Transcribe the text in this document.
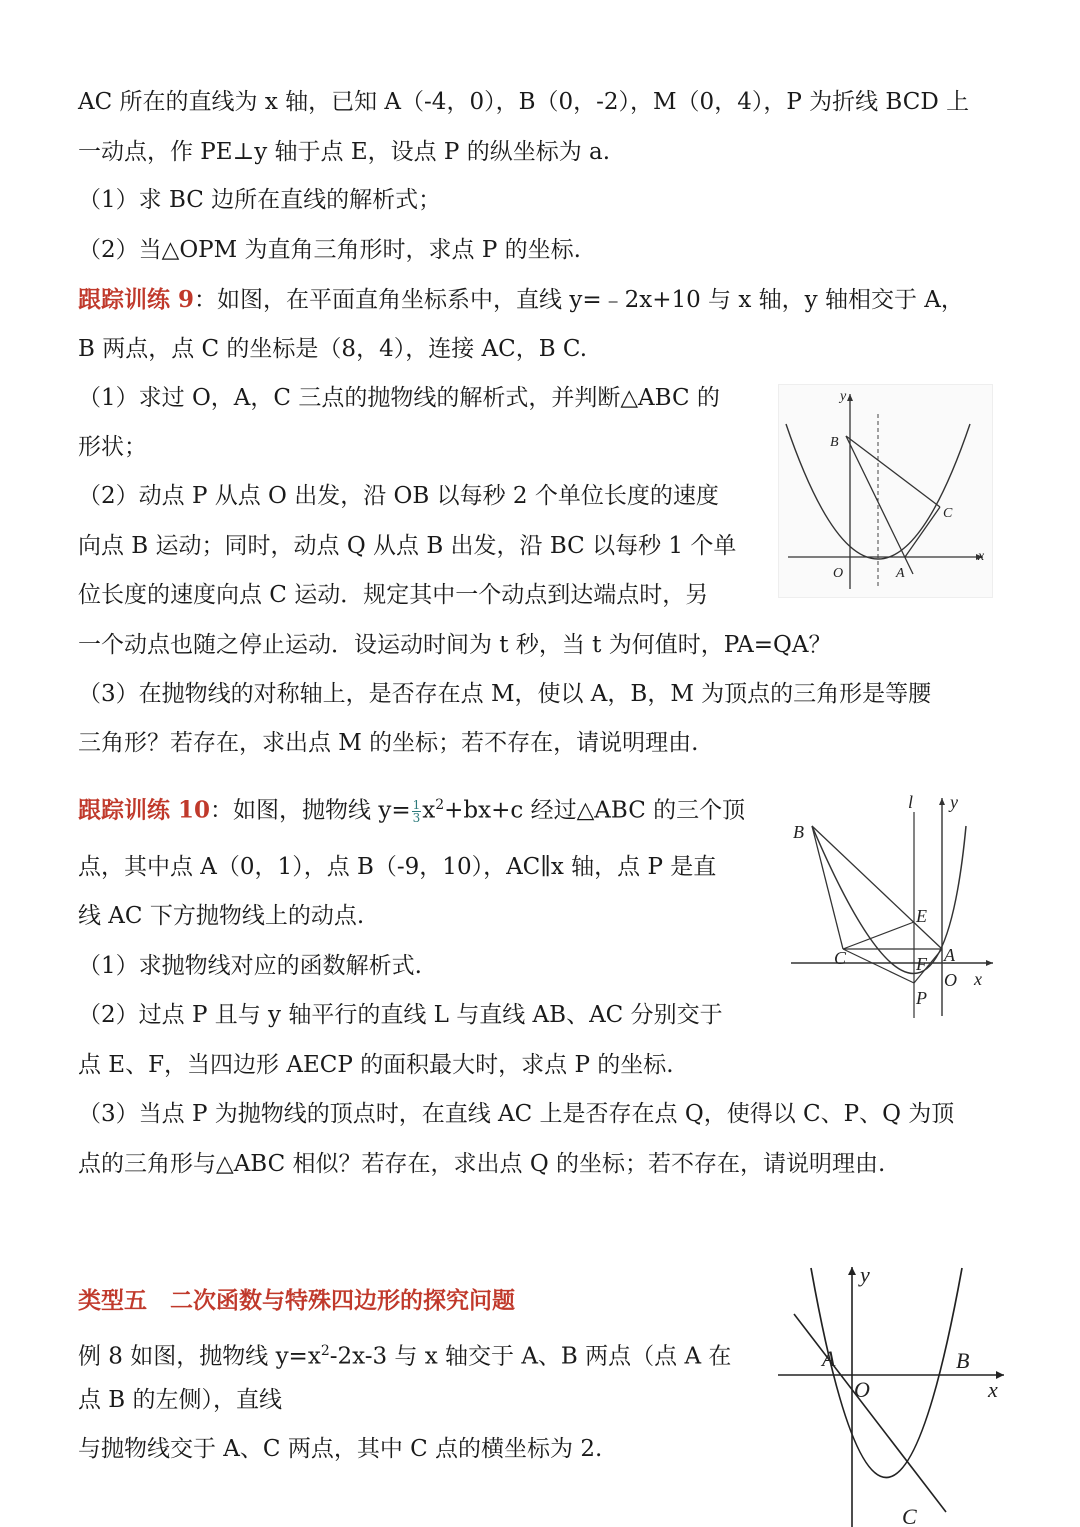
AC 所在的直线为 x 轴，已知 A（-4，0），B（0，-2），M（0，4），P 为折线 BCD 上
一动点，作 PE⊥y 轴于点 E，设点 P 的纵坐标为 a.
（1）求 BC 边所在直线的解析式；
（2）当△OPM 为直角三角形时，求点 P 的坐标.
跟踪训练 9：如图，在平面直角坐标系中，直线 y=﹣2x+10 与 x 轴，y 轴相交于 A，
B 两点，点 C 的坐标是（8，4），连接 AC，B C.
（1）求过 O，A，C 三点的抛物线的解析式，并判断△ABC 的
形状；
（2）动点 P 从点 O 出发，沿 OB 以每秒 2 个单位长度的速度
向点 B 运动；同时，动点 Q 从点 B 出发，沿 BC 以每秒 1 个单
位长度的速度向点 C 运动．规定其中一个动点到达端点时，另
一个动点也随之停止运动．设运动时间为 t 秒，当 t 为何值时，PA=QA？
（3）在抛物线的对称轴上，是否存在点 M，使以 A，B，M 为顶点的三角形是等腰
三角形？若存在，求出点 M 的坐标；若不存在，请说明理由.
y
x
B
C
O	A
跟踪训练 10：如图，抛物线 $y= \frac{1}{3} x^2+bx+c$ 经过△ABC 的三个顶
点，其中点 A（0，1），点 B（-9，10），AC∥x 轴，点 P 是直
线 AC 下方抛物线上的动点.
（1）求抛物线对应的函数解析式.
（2）过点 P 且与 y 轴平行的直线 L 与直线 AB、AC 分别交于
点 E、F，当四边形 AECP 的面积最大时，求点 P 的坐标.
（3）当点 P 为抛物线的顶点时，在直线 AC 上是否存在点 Q，使得以 C、P、Q 为顶
点的三角形与△ABC 相似？若存在，求出点 Q 的坐标；若不存在，请说明理由.
l y
B
E
C	A
F
O x
P
类型五　二次函数与特殊四边形的探究问题
例 8 如图，抛物线 $y=x^2-2x-3$ 与 x 轴交于 A、B 两点（点 A 在
点 B 的左侧），直线
与抛物线交于 A、C 两点，其中 C 点的横坐标为 2.
y
A	B
O	x
C
